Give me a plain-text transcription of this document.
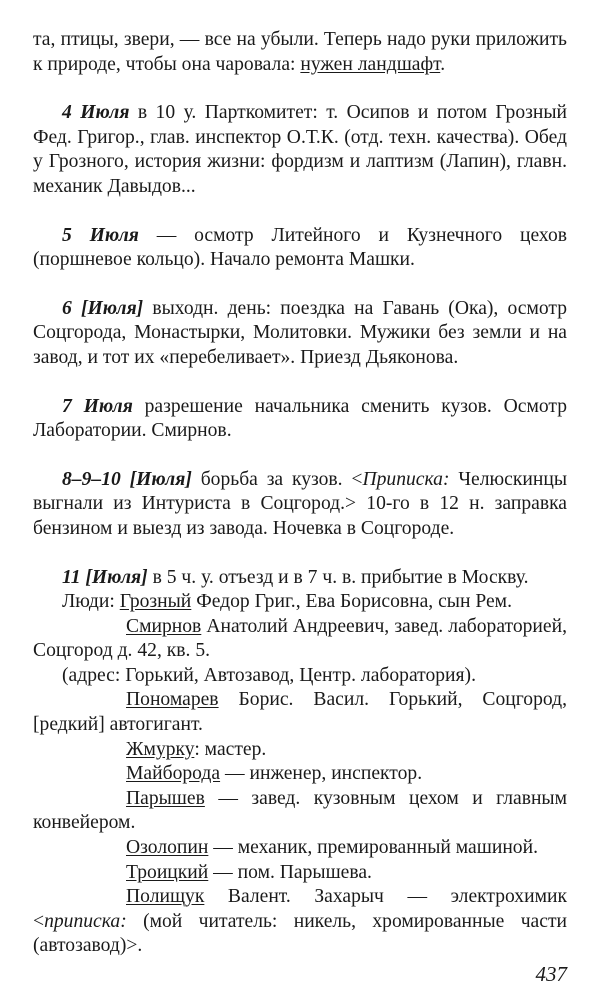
та, птицы, звери, — все на убыли. Теперь надо руки приложить к природе, чтобы она чаровала: нужен ландшафт.

4 Июля в 10 у. Парткомитет: т. Осипов и потом Грозный Фед. Григор., глав. инспектор О.Т.К. (отд. техн. качества). Обед у Грозного, история жизни: фордизм и лаптизм (Лапин), главн. механик Давыдов...

5 Июля — осмотр Литейного и Кузнечного цехов (поршневое кольцо). Начало ремонта Машки.

6 [Июля] выходн. день: поездка на Гавань (Ока), осмотр Соцгорода, Монастырки, Молитовки. Мужики без земли и на завод, и тот их «перебеливает». Приезд Дьяконова.

7 Июля разрешение начальника сменить кузов. Осмотр Лаборатории. Смирнов.

8–9–10 [Июля] борьба за кузов. <Приписка: Челюскинцы выгнали из Интуриста в Соцгород.> 10-го в 12 н. заправка бензином и выезд из завода. Ночевка в Соцгороде.

11 [Июля] в 5 ч. у. отъезд и в 7 ч. в. прибытие в Москву.

Люди: Грозный Федор Григ., Ева Борисовна, сын Рем.

Смирнов Анатолий Андреевич, завед. лабораторией, Соцгород д. 42, кв. 5.

(адрес: Горький, Автозавод, Центр. лаборатория).

Пономарев Борис. Васил. Горький, Соцгород, [редкий] автогигант.

Жмурку: мастер.

Майборода — инженер, инспектор.

Парышев — завед. кузовным цехом и главным конвейером.

Озолопин — механик, премированный машиной.

Троицкий — пом. Парышева.

Полищук Валент. Захарыч — электрохимик <приписка: (мой читатель: никель, хромированные части (автозавод)>.

437
